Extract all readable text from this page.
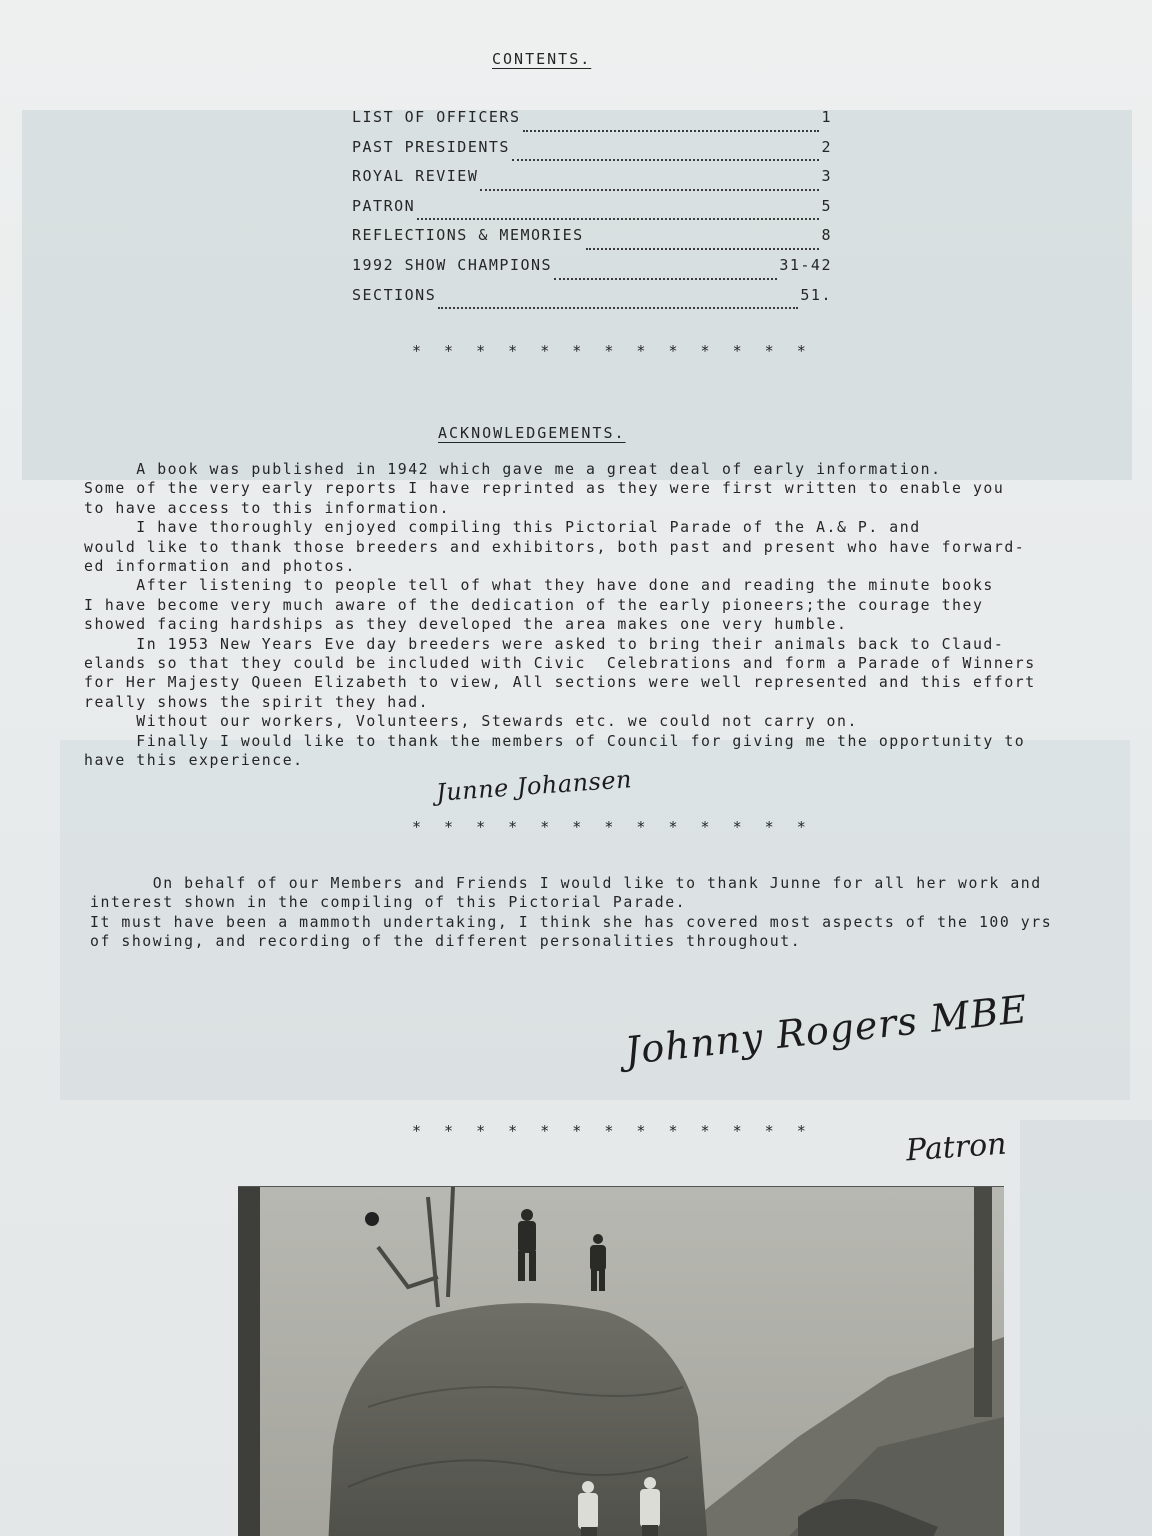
CONTENTS.
LIST OF OFFICERS	1
PAST PRESIDENTS	2
ROYAL REVIEW	3
PATRON	5
REFLECTIONS & MEMORIES	8
1992 SHOW CHAMPIONS	31-42
SECTIONS	51.
* * * * * * * * * * * * *
ACKNOWLEDGEMENTS.
A book was published in 1942 which gave me a great deal of early information.
Some of the very early reports I have reprinted as they were first written to enable you
to have access to this information.
I have thoroughly enjoyed compiling this Pictorial Parade of the A.& P. and
would like to thank those breeders and exhibitors, both past and present who have forward-
ed information and photos.
After listening to people tell of what they have done and reading the minute books
I have become very much aware of the dedication of the early pioneers;the courage they
showed facing hardships as they developed the area makes one very humble.
In 1953 New Years Eve day breeders were asked to bring their animals back to Claud-
elands so that they could be included with Civic  Celebrations and form a Parade of Winners
for Her Majesty Queen Elizabeth to view, All sections were well represented and this effort
really shows the spirit they had.
Without our workers, Volunteers, Stewards etc. we could not carry on.
Finally I would like to thank the members of Council for giving me the opportunity to
have this experience.
Junne Johansen
* * * * * * * * * * * * *
On behalf of our Members and Friends I would like to thank Junne for all her work and
interest shown in the compiling of this Pictorial Parade.
It must have been a mammoth undertaking, I think she has covered most aspects of the 100 yrs
of showing, and recording of the different personalities throughout.
Johnny Rogers MBE
* * * * * * * * * * * * *	Patron
